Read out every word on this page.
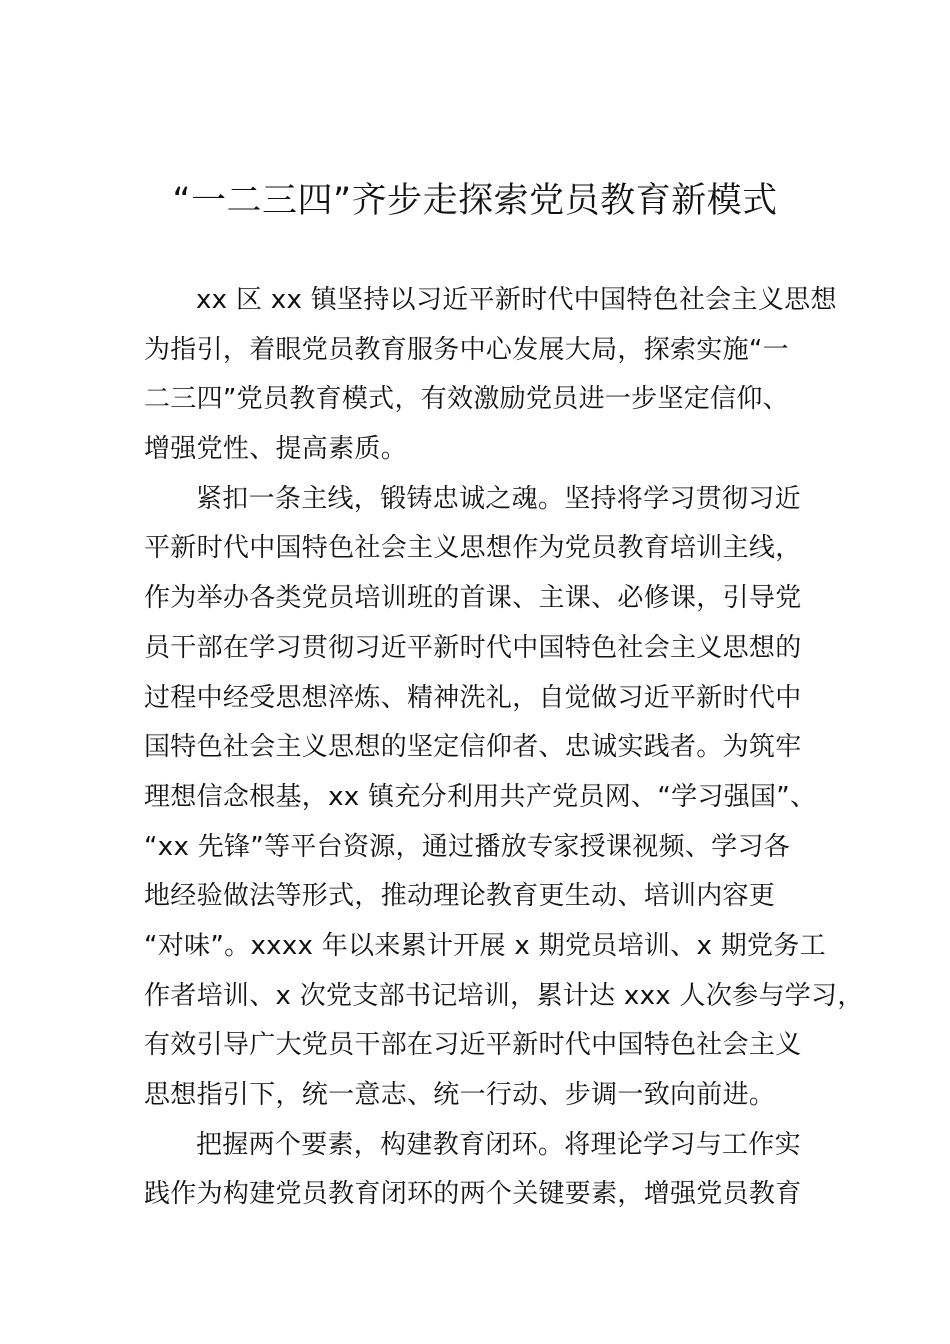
“一二三四”齐步走探索党员教育新模式
xx 区 xx 镇坚持以习近平新时代中国特色社会主义思想
为指引，着眼党员教育服务中心发展大局，探索实施“一
二三四”党员教育模式，有效激励党员进一步坚定信仰、
增强党性、提高素质。
紧扣一条主线，锻铸忠诚之魂。坚持将学习贯彻习近
平新时代中国特色社会主义思想作为党员教育培训主线，
作为举办各类党员培训班的首课、主课、必修课，引导党
员干部在学习贯彻习近平新时代中国特色社会主义思想的
过程中经受思想淬炼、精神洗礼，自觉做习近平新时代中
国特色社会主义思想的坚定信仰者、忠诚实践者。为筑牢
理想信念根基，xx 镇充分利用共产党员网、“学习强国”、
“xx 先锋”等平台资源，通过播放专家授课视频、学习各
地经验做法等形式，推动理论教育更生动、培训内容更
“对味”。xxxx 年以来累计开展 x 期党员培训、x 期党务工
作者培训、x 次党支部书记培训，累计达 xxx 人次参与学习，
有效引导广大党员干部在习近平新时代中国特色社会主义
思想指引下，统一意志、统一行动、步调一致向前进。
把握两个要素，构建教育闭环。将理论学习与工作实
践作为构建党员教育闭环的两个关键要素，增强党员教育
